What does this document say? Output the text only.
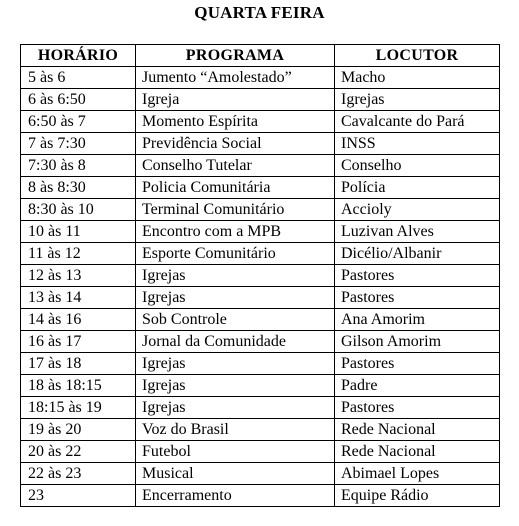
QUARTA FEIRA
HORÁRIO	PROGRAMA	LOCUTOR
5 às 6	Jumento “Amolestado”	Macho
6 às 6:50	Igreja	Igrejas
6:50 às 7	Momento Espírita	Cavalcante do Pará
7 às 7:30	Previdência Social	INSS
7:30 às 8	Conselho Tutelar	Conselho
8 às 8:30	Policia Comunitária	Polícia
8:30 às 10	Terminal Comunitário	Accioly
10 às 11	Encontro com a MPB	Luzivan Alves
11 às 12	Esporte Comunitário	Dicélio/Albanir
12 às 13	Igrejas	Pastores
13 às 14	Igrejas	Pastores
14 às 16	Sob Controle	Ana Amorim
16 às 17	Jornal da Comunidade	Gilson Amorim
17 às 18	Igrejas	Pastores
18 às 18:15	Igrejas	Padre
18:15 às 19	Igrejas	Pastores
19 às 20	Voz do Brasil	Rede Nacional
20 às 22	Futebol	Rede Nacional
22 às 23	Musical	Abimael Lopes
23	Encerramento	Equipe Rádio
